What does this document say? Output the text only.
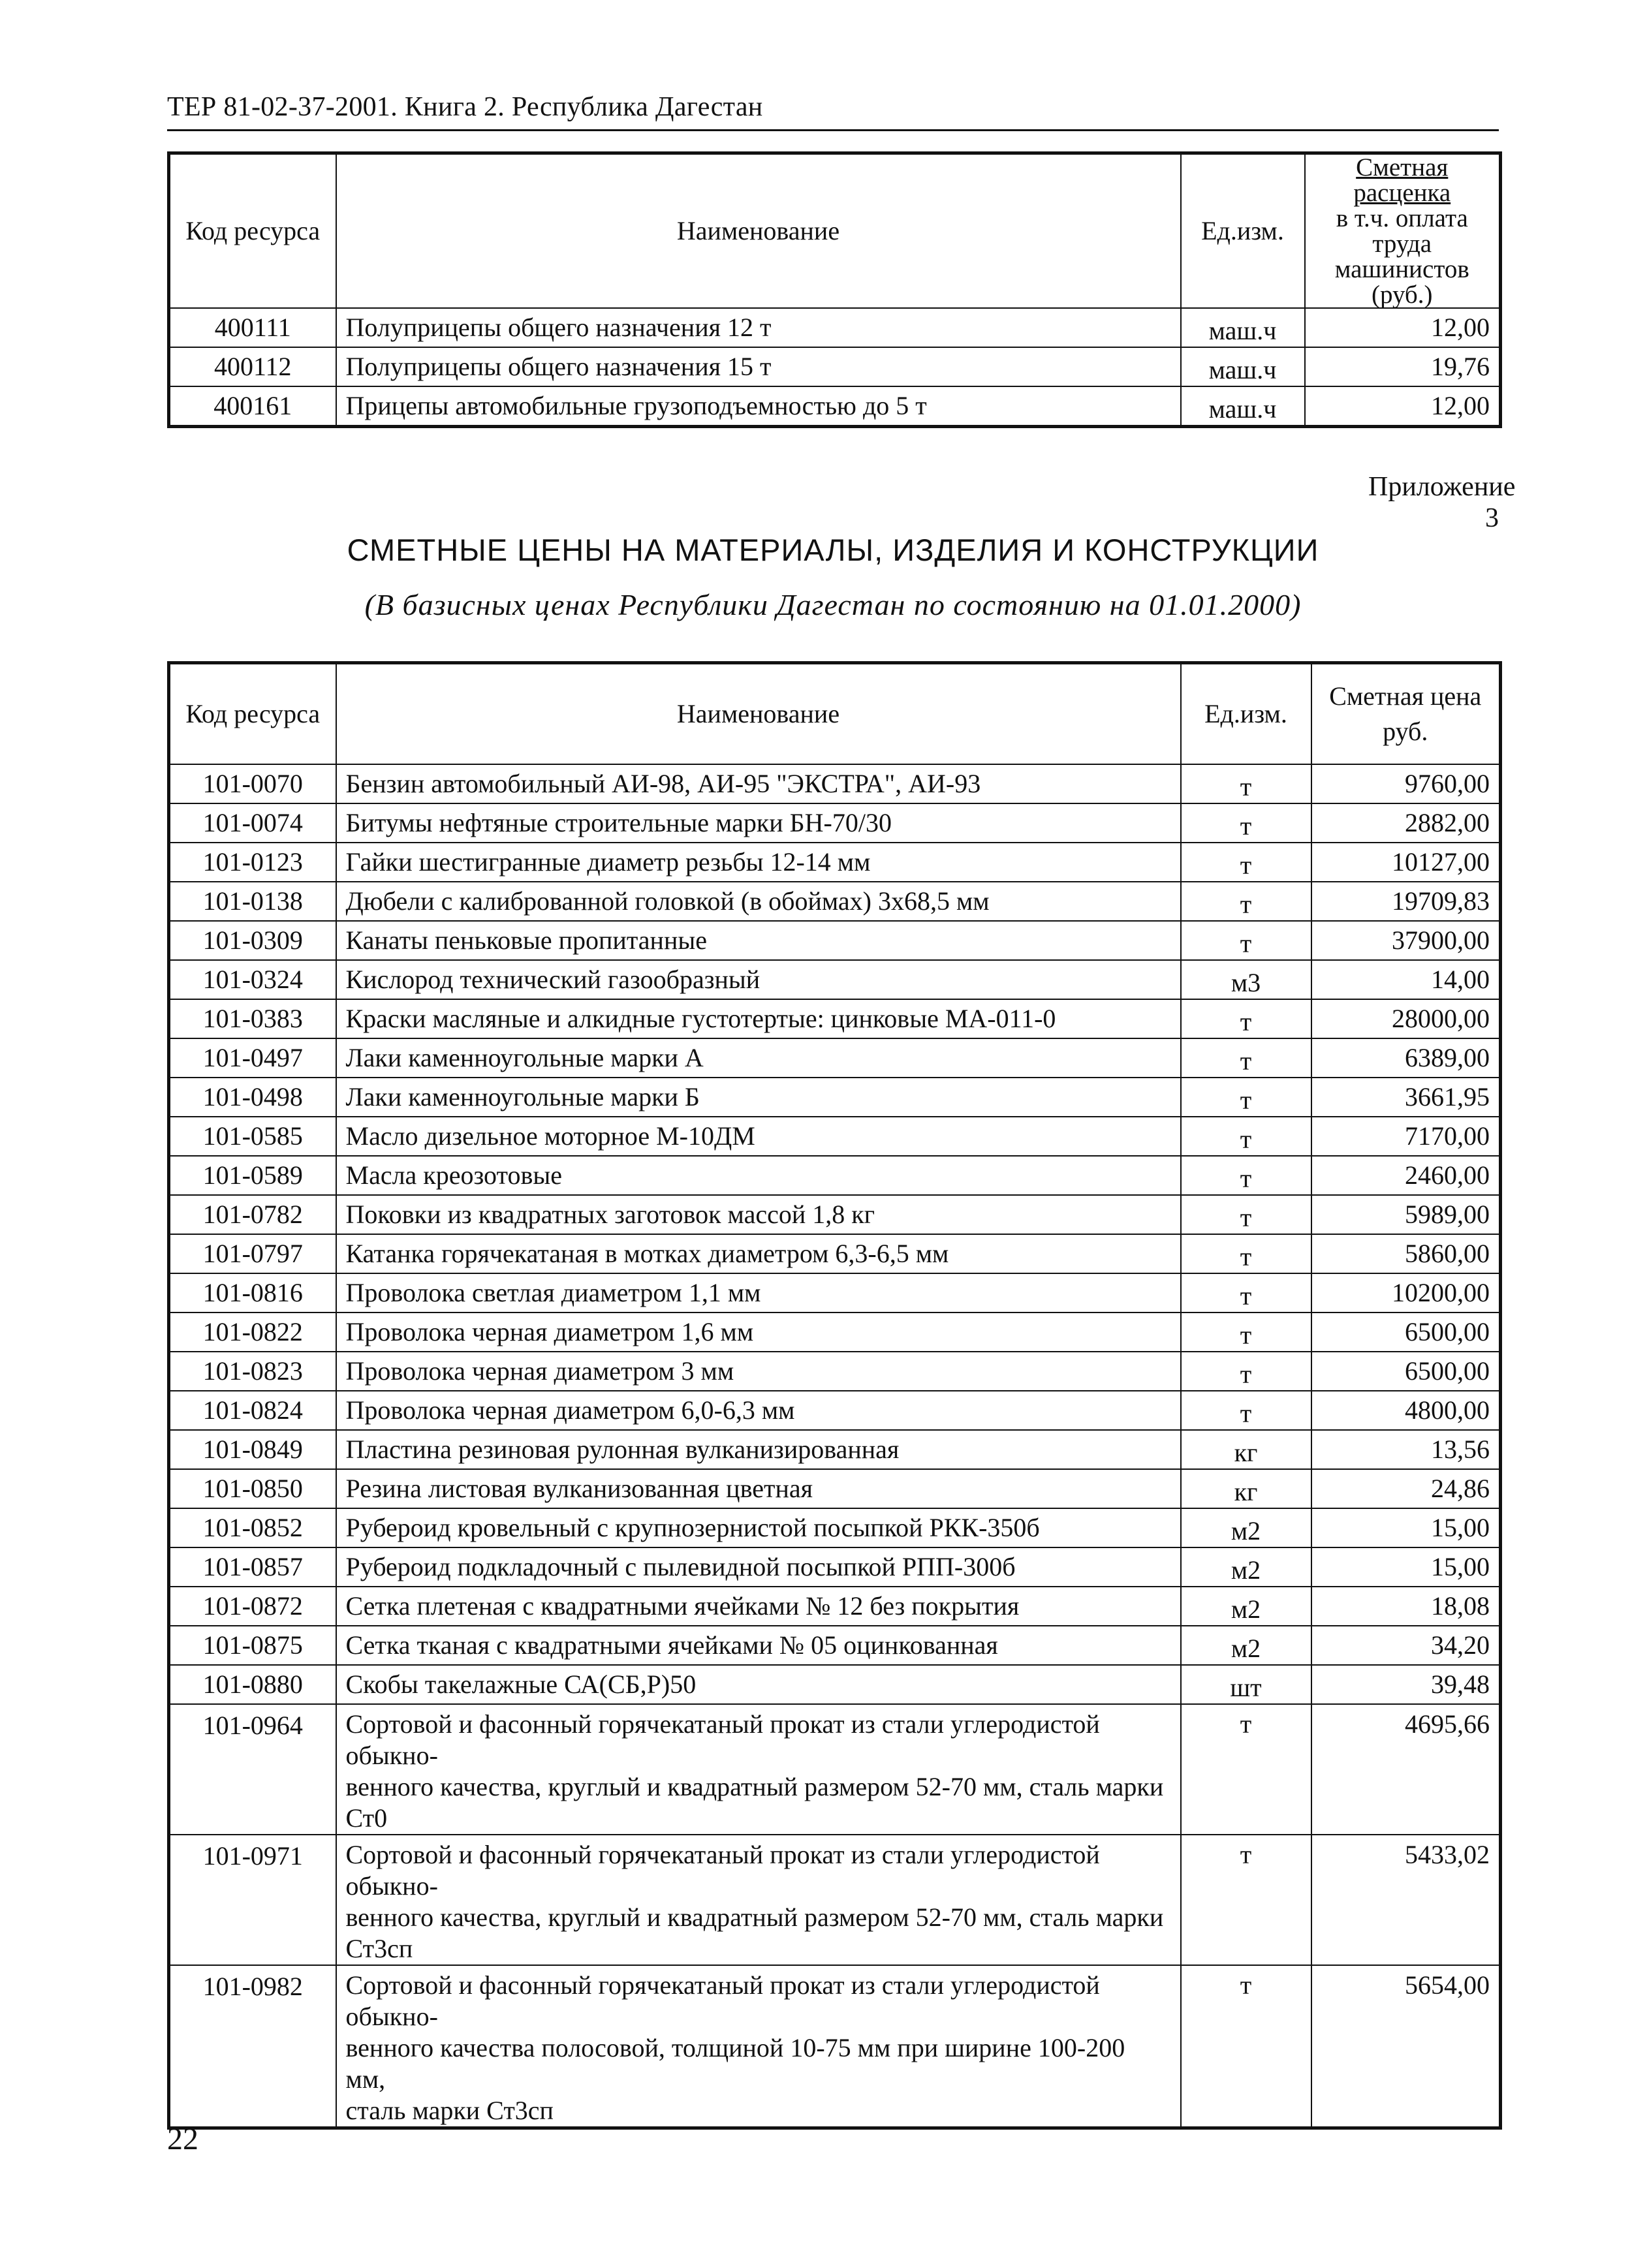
ТЕР 81-02-37-2001. Книга 2. Республика Дагестан
Код ресурса	Наименование	Ед.изм.	Сметная расценка
в т.ч. оплата труда
машинистов (руб.)

400111	Полуприцепы общего назначения 12 т	маш.ч	12,00
400112	Полуприцепы общего назначения 15 т	маш.ч	19,76
400161	Прицепы автомобильные грузоподъемностью до 5 т	маш.ч	12,00
Приложение 3
СМЕТНЫЕ ЦЕНЫ НА МАТЕРИАЛЫ, ИЗДЕЛИЯ И КОНСТРУКЦИИ
(В базисных ценах Республики Дагестан по состоянию на 01.01.2000)
Код ресурса	Наименование	Ед.изм.	Сметная цена
руб.

101-0070	Бензин автомобильный АИ-98, АИ-95 "ЭКСТРА", АИ-93	т	9760,00
101-0074	Битумы нефтяные строительные марки БН-70/30	т	2882,00
101-0123	Гайки шестигранные диаметр резьбы 12-14 мм	т	10127,00
101-0138	Дюбели с калиброванной головкой (в обоймах) 3х68,5 мм	т	19709,83
101-0309	Канаты пеньковые пропитанные	т	37900,00
101-0324	Кислород технический газообразный	м3	14,00
101-0383	Краски масляные и алкидные густотертые: цинковые МА-011-0	т	28000,00
101-0497	Лаки каменноугольные марки А	т	6389,00
101-0498	Лаки каменноугольные марки Б	т	3661,95
101-0585	Масло дизельное моторное М-10ДМ	т	7170,00
101-0589	Масла креозотовые	т	2460,00
101-0782	Поковки из квадратных заготовок массой 1,8 кг	т	5989,00
101-0797	Катанка горячекатаная в мотках диаметром 6,3-6,5 мм	т	5860,00
101-0816	Проволока светлая диаметром 1,1 мм	т	10200,00
101-0822	Проволока черная диаметром 1,6 мм	т	6500,00
101-0823	Проволока черная диаметром 3 мм	т	6500,00
101-0824	Проволока черная диаметром 6,0-6,3 мм	т	4800,00
101-0849	Пластина резиновая рулонная вулканизированная	кг	13,56
101-0850	Резина листовая вулканизованная цветная	кг	24,86
101-0852	Рубероид кровельный с крупнозернистой посыпкой РКК-350б	м2	15,00
101-0857	Рубероид подкладочный с пылевидной посыпкой РПП-300б	м2	15,00
101-0872	Сетка плетеная с квадратными ячейками № 12 без покрытия	м2	18,08
101-0875	Сетка тканая с квадратными ячейками № 05 оцинкованная	м2	34,20
101-0880	Скобы такелажные СА(СБ,Р)50	шт	39,48
101-0964	Сортовой и фасонный горячекатаный прокат из стали углеродистой обыкно-
венного качества, круглый и квадратный размером 52-70 мм, сталь марки
Ст0	т	4695,66
101-0971	Сортовой и фасонный горячекатаный прокат из стали углеродистой обыкно-
венного качества, круглый и квадратный размером 52-70 мм, сталь марки
Ст3сп	т	5433,02
101-0982	Сортовой и фасонный горячекатаный прокат из стали углеродистой обыкно-
венного качества полосовой, толщиной 10-75 мм при ширине 100-200 мм,
сталь марки Ст3сп	т	5654,00
22
